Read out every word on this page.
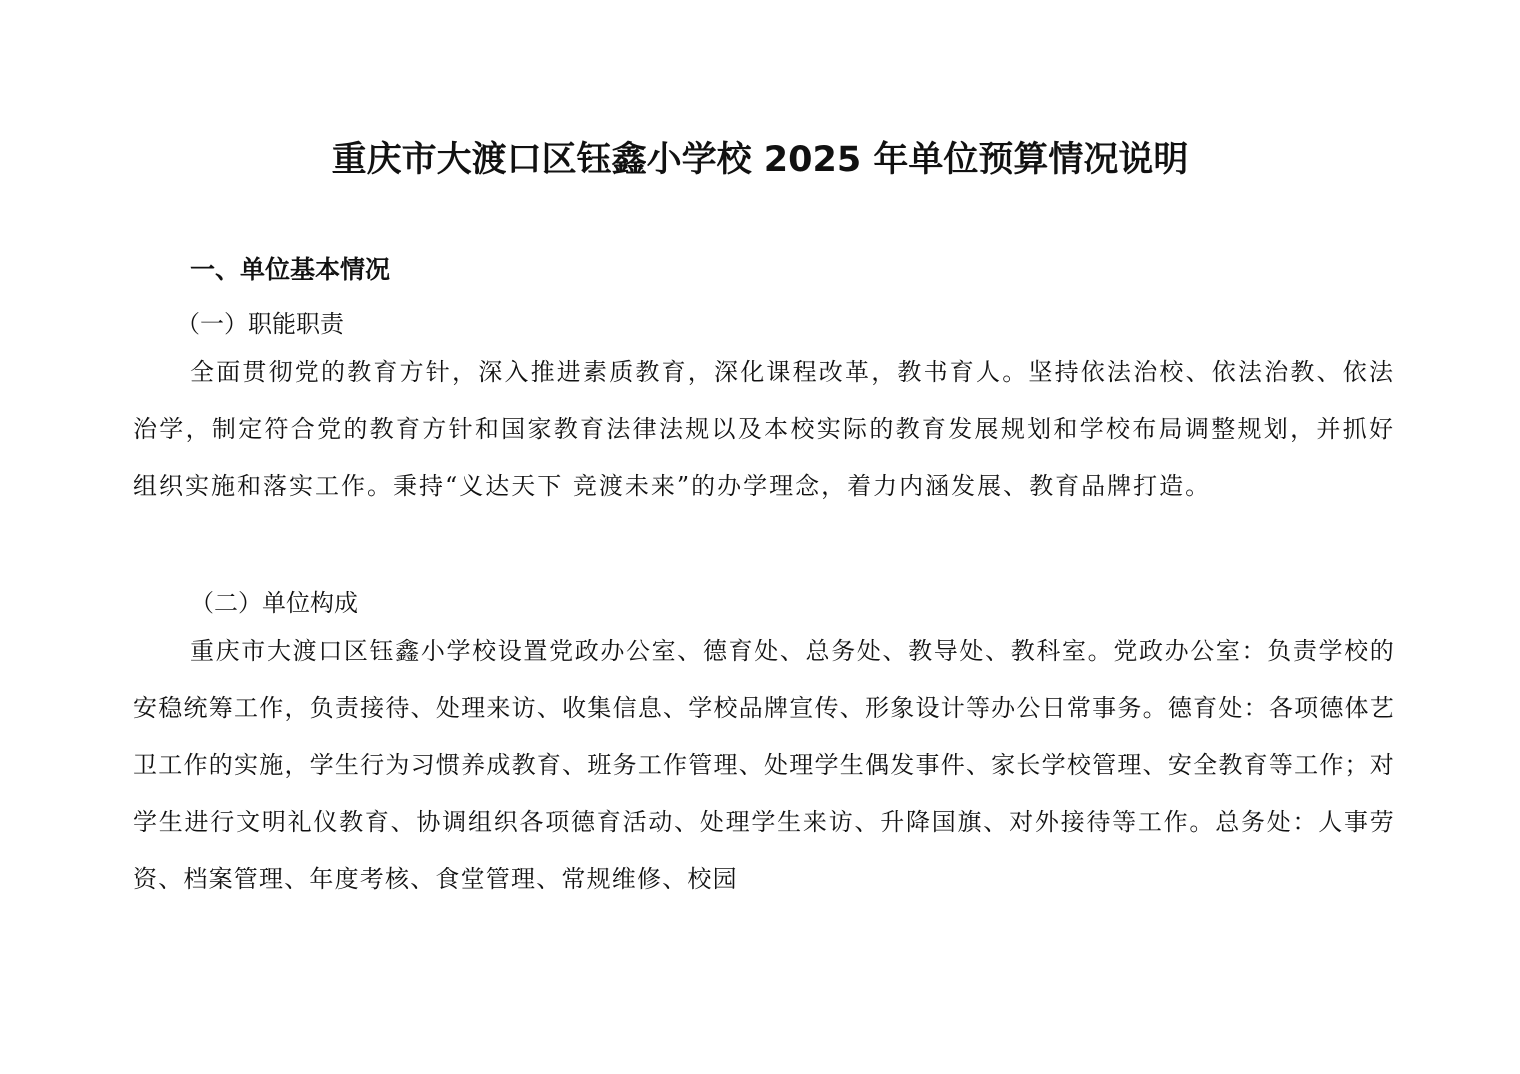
重庆市大渡口区钰鑫小学校 2025 年单位预算情况说明
一、单位基本情况
（一）职能职责

全面贯彻党的教育方针，深入推进素质教育，深化课程改革，教书育人。坚持依法治校、依法治教、依法治学，制定符合党的教育方针和国家教育法律法规以及本校实际的教育发展规划和学校布局调整规划，并抓好组织实施和落实工作。秉持“义达天下 竞渡未来”的办学理念，着力内涵发展、教育品牌打造。

（二）单位构成

重庆市大渡口区钰鑫小学校设置党政办公室、德育处、总务处、教导处、教科室。党政办公室：负责学校的安稳统筹工作，负责接待、处理来访、收集信息、学校品牌宣传、形象设计等办公日常事务。德育处：各项德体艺卫工作的实施，学生行为习惯养成教育、班务工作管理、处理学生偶发事件、家长学校管理、安全教育等工作；对学生进行文明礼仪教育、协调组织各项德育活动、处理学生来访、升降国旗、对外接待等工作。总务处：人事劳资、档案管理、年度考核、食堂管理、常规维修、校园
